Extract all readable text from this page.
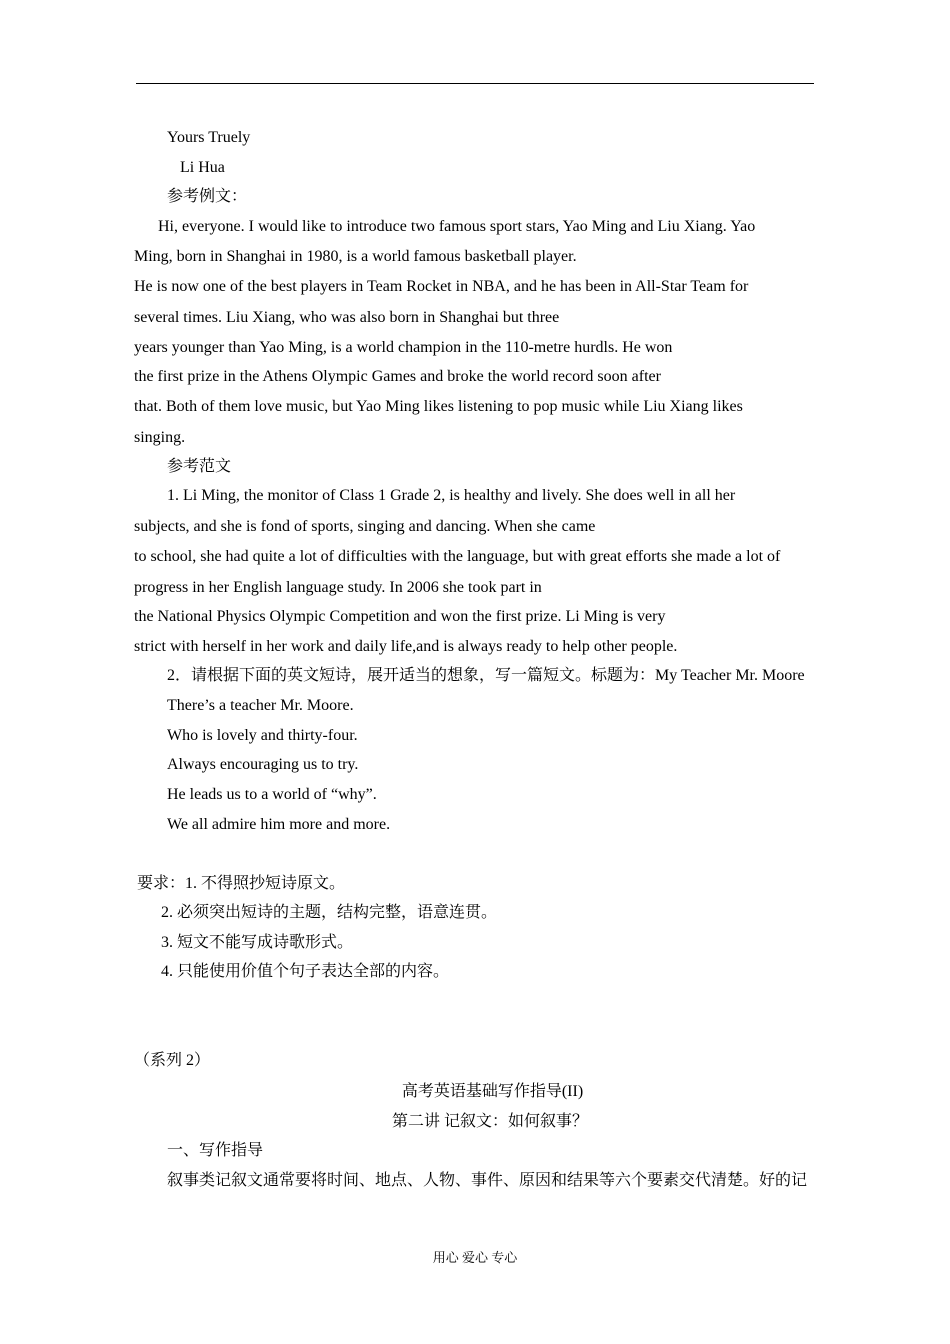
Yours Truely
Li Hua
参考例文：
Hi, everyone. I would like to introduce two famous sport stars, Yao Ming and Liu Xiang. Yao
Ming, born in Shanghai in 1980, is a world famous basketball player.
He is now one of the best players in Team Rocket in NBA, and he has been in All-Star Team for
several times. Liu Xiang, who was also born in Shanghai but three
years younger than Yao Ming, is a world champion in the 110-metre hurdls. He won
the first prize in the Athens Olympic Games and broke the world record soon after
that. Both of them love music, but Yao Ming likes listening to pop music while Liu Xiang likes
singing.
参考范文
1. Li Ming, the monitor of Class 1 Grade 2, is healthy and lively. She does well in all her
subjects, and she is fond of sports, singing and dancing. When she came
to school, she had quite a lot of difficulties with the language, but with great efforts she made a lot of
progress in her English language study. In 2006 she took part in
the National Physics Olympic Competition and won the first prize. Li Ming is very
strict with herself in her work and daily life,and is always ready to help other people.
2．请根据下面的英文短诗，展开适当的想象，写一篇短文。标题为：My Teacher Mr. Moore
There’s a teacher Mr. Moore.
Who is lovely and thirty-four.
Always encouraging us to try.
He leads us to a world of “why”.
We all admire him more and more.
要求：1. 不得照抄短诗原文。
2. 必须突出短诗的主题，结构完整，语意连贯。
3. 短文不能写成诗歌形式。
4. 只能使用价值个句子表达全部的内容。
（系列 2）
高考英语基础写作指导(II)
第二讲 记叙文：如何叙事？
一、写作指导
叙事类记叙文通常要将时间、地点、人物、事件、原因和结果等六个要素交代清楚。好的记
用心 爱心 专心
